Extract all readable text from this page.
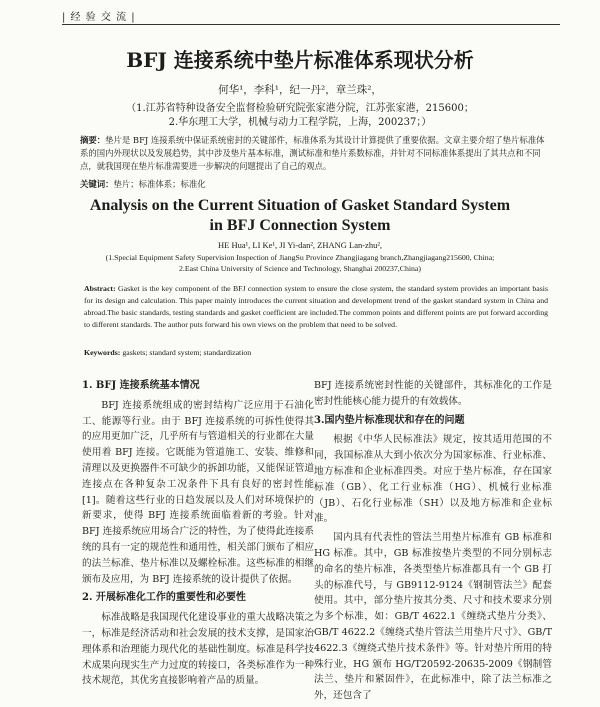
| 经 验 交 流 |
BFJ 连接系统中垫片标准体系现状分析
何华¹，李科¹，纪一丹²，章兰珠²，
（1.江苏省特种设备安全监督检验研究院张家港分院，江苏张家港，215600；
2.华东理工大学，机械与动力工程学院，上海，200237；）
摘要：垫片是 BFJ 连接系统中保证系统密封的关键部件，标准体系为其设计计算提供了重要依据。文章主要介绍了垫片标准体系的国内外现状以及发展趋势，其中涉及垫片基本标准，测试标准和垫片系数标准，并针对不同标准体系提出了其共点和不同点，就我国现在垫片标准需要进一步解决的问题提出了自己的观点。
关键词：垫片；标准体系；标准化
Analysis on the Current Situation of Gasket Standard System
in BFJ Connection System
HE Hua¹, LI Ke¹, JI Yi-dan², ZHANG Lan-zhu²,
(1.Special Equipment Safety Supervision Inspection of JiangSu Province Zhangjiagang branch,Zhangjiagang215600, China;
2.East China University of Science and Technology, Shanghai 200237,China)
Abstract: Gasket is the key component of the BFJ connection system to ensure the close system, the standard system provides an important basis for its design and calculation. This paper mainly introduces the current situation and development trend of the gasket standard system in China and abroad.The basic standards, testing standards and gasket coefficient are included.The common points and different points are put forward according to different standards. The author puts forward his own views on the problem that need to be solved.
Keywords: gaskets; standard system; standardization
1. BFJ 连接系统基本情况

BFJ 连接系统组成的密封结构广泛应用于石油化工、能源等行业。由于 BFJ 连接系统的可拆性使得其的应用更加广泛，几乎所有与管道相关的行业都在大量使用着 BFJ 连接。它既能为管道施工、安装、维修和清理以及更换器件不可缺少的拆卸功能，又能保证管道连接点在各种复杂工况条件下具有良好的密封性能[1]。随着这些行业的日趋发展以及人们对环境保护的新要求，使得 BFJ 连接系统面临着新的考验。针对 BFJ 连接系统应用场合广泛的特性，为了使得此连接系统的具有一定的规范性和通用性，相关部门颁布了相应的法兰标准、垫片标准以及螺栓标准。这些标准的相继颁布及应用，为 BFJ 连接系统的设计提供了依据。

2. 开展标准化工作的重要性和必要性

标准战略是我国现代化建设事业的重大战略决策之一，标准是经济活动和社会发展的技术支撑，是国家治理体系和治理能力现代化的基础性制度。标准是科学技术成果向现实生产力过度的转接口，各类标准作为一种技术规范，其优劣直接影响着产品的质量。

BFJ 连接系统密封性能的关键部件，其标准化的工作是密封性能核心能力提升的有效载体。

3.国内垫片标准现状和存在的问题

根据《中华人民标准法》规定，按其适用范围的不同，我国标准从大到小依次分为国家标准、行业标准、地方标准和企业标准四类。对应于垫片标准，存在国家标准（GB）、化工行业标准（HG）、机械行业标准（JB）、石化行业标准（SH）以及地方标准和企业标准。

国内具有代表性的管法兰用垫片标准有 GB 标准和 HG 标准。其中，GB 标准按垫片类型的不同分别标志的命名的垫片标准，各类型垫片标准都具有一个 GB 打头的标准代号，与 GB9112-9124《钢制管法兰》配套使用。其中，部分垫片按其分类、尺寸和技术要求分别为多个标准，如：GB/T 4622.1《缠绕式垫片分类》、GB/T 4622.2《缠绕式垫片管法兰用垫片尺寸》、GB/T 4622.3《缠绕式垫片技术条件》等。针对垫片所用的特殊行业，HG 颁布 HG/T20592-20635-2009《钢制管法兰、垫片和紧固件》，在此标准中，除了法兰标准之外，还包含了
